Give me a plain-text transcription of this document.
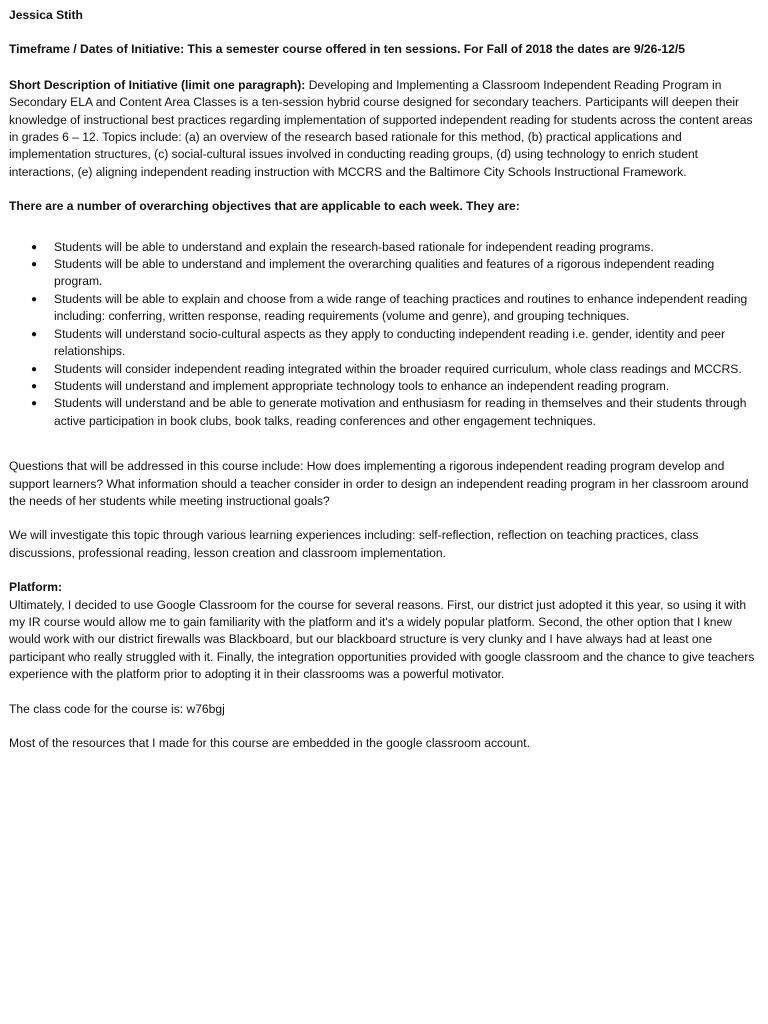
Jessica Stith

Timeframe / Dates of Initiative: This a semester course offered in ten sessions. For Fall of 2018 the dates are 9/26-12/5

Short Description of Initiative (limit one paragraph): Developing and Implementing a Classroom Independent Reading Program in Secondary ELA and Content Area Classes is a ten-session hybrid course designed for secondary teachers. Participants will deepen their knowledge of instructional best practices regarding implementation of supported independent reading for students across the content areas in grades 6 – 12. Topics include: (a) an overview of the research based rationale for this method, (b) practical applications and implementation structures, (c) social-cultural issues involved in conducting reading groups, (d) using technology to enrich student interactions, (e) aligning independent reading instruction with MCCRS and the Baltimore City Schools Instructional Framework.

There are a number of overarching objectives that are applicable to each week. They are:

● Students will be able to understand and explain the research-based rationale for independent reading programs.
● Students will be able to understand and implement the overarching qualities and features of a rigorous independent reading program.
● Students will be able to explain and choose from a wide range of teaching practices and routines to enhance independent reading including: conferring, written response, reading requirements (volume and genre), and grouping techniques.
● Students will understand socio-cultural aspects as they apply to conducting independent reading i.e. gender, identity and peer relationships.
● Students will consider independent reading integrated within the broader required curriculum, whole class readings and MCCRS.
● Students will understand and implement appropriate technology tools to enhance an independent reading program.
● Students will understand and be able to generate motivation and enthusiasm for reading in themselves and their students through active participation in book clubs, book talks, reading conferences and other engagement techniques.

Questions that will be addressed in this course include: How does implementing a rigorous independent reading program develop and support learners? What information should a teacher consider in order to design an independent reading program in her classroom around the needs of her students while meeting instructional goals?

We will investigate this topic through various learning experiences including: self-reflection, reflection on teaching practices, class discussions, professional reading, lesson creation and classroom implementation.

Platform:

Ultimately, I decided to use Google Classroom for the course for several reasons. First, our district just adopted it this year, so using it with my IR course would allow me to gain familiarity with the platform and it's a widely popular platform. Second, the other option that I knew would work with our district firewalls was Blackboard, but our blackboard structure is very clunky and I have always had at least one participant who really struggled with it. Finally, the integration opportunities provided with google classroom and the chance to give teachers experience with the platform prior to adopting it in their classrooms was a powerful motivator.

The class code for the course is: w76bgj

Most of the resources that I made for this course are embedded in the google classroom account.
